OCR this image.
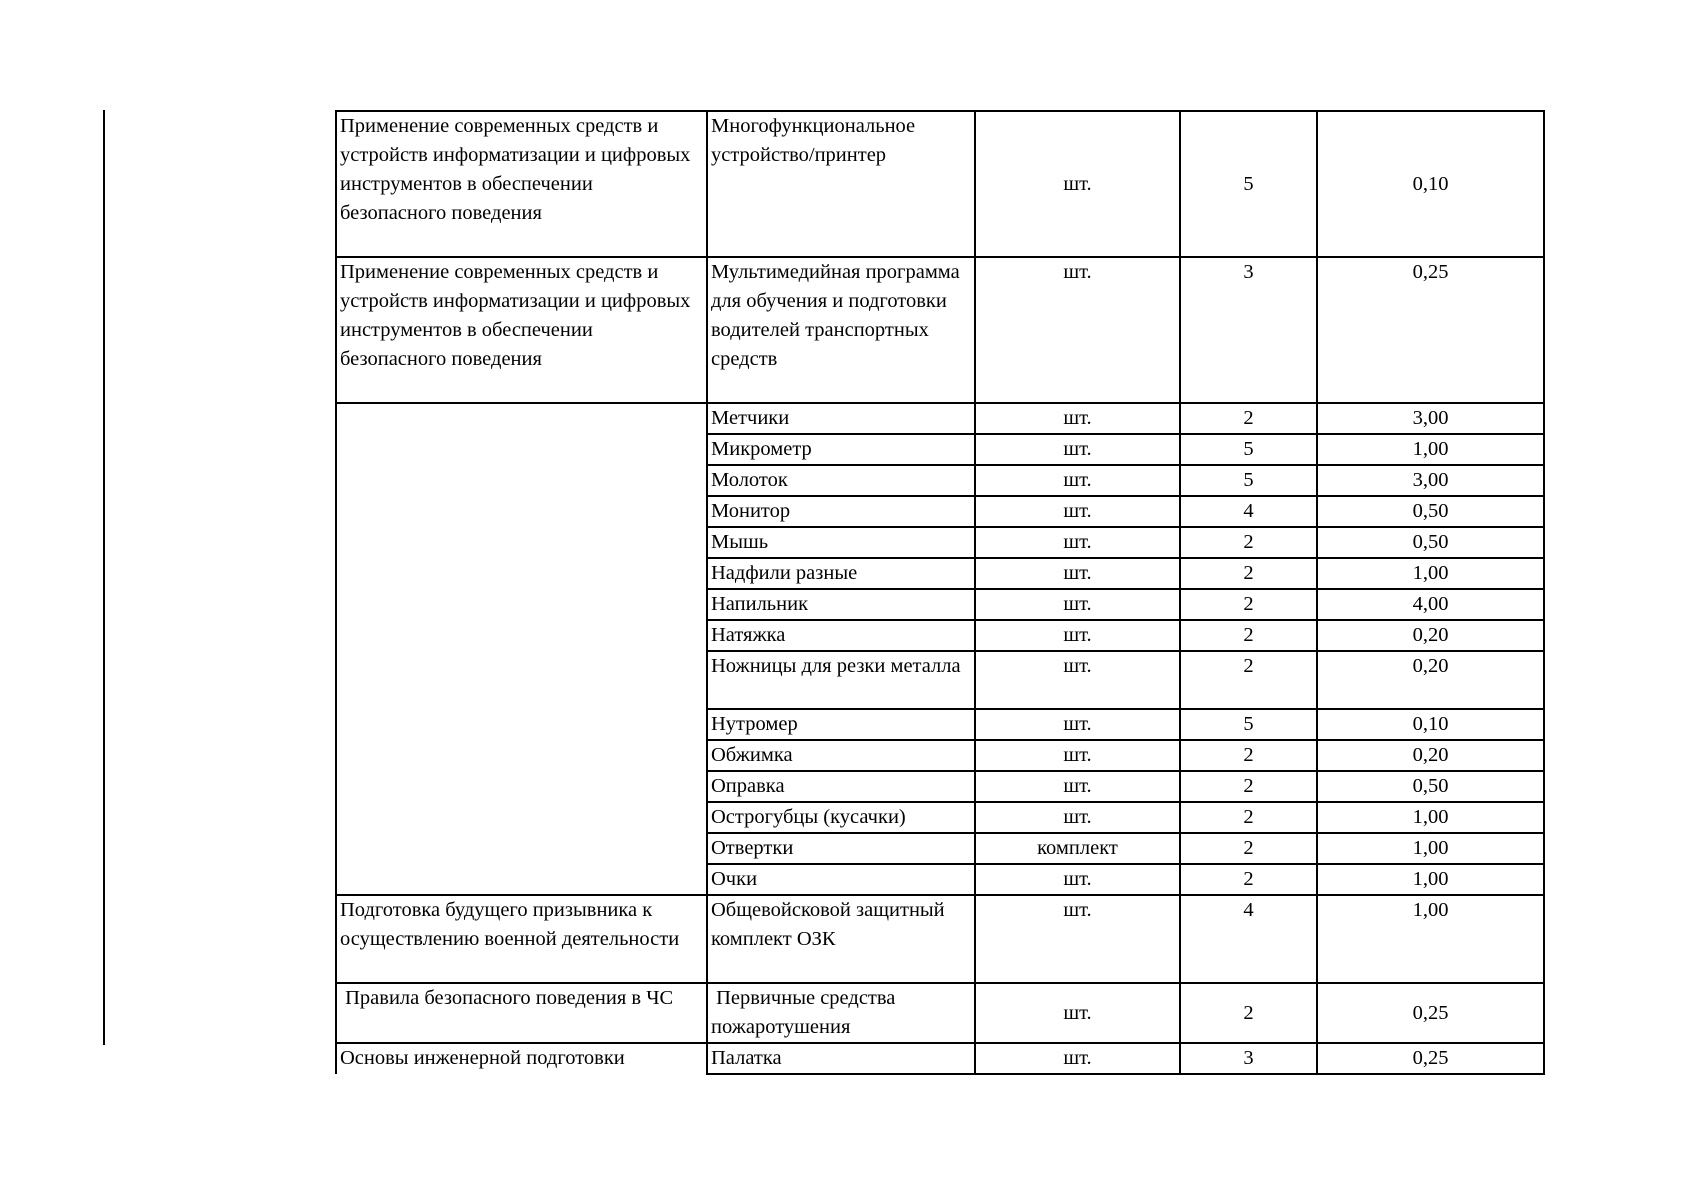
Применение современных средств и устройств информатизации и цифровых инструментов в обеспечении безопасного поведения	Многофункциональное устройство/принтер	шт.	5	0,10
Применение современных средств и устройств информатизации и цифровых инструментов в обеспечении безопасного поведения	Мультимедийная программа для обучения и подготовки водителей транспортных средств	шт.	3	0,25
	Метчики	шт.	2	3,00
	Микрометр	шт.	5	1,00
	Молоток	шт.	5	3,00
	Монитор	шт.	4	0,50
	Мышь	шт.	2	0,50
	Надфили разные	шт.	2	1,00
	Напильник	шт.	2	4,00
	Натяжка	шт.	2	0,20
	Ножницы для резки металла	шт.	2	0,20
	Нутромер	шт.	5	0,10
	Обжимка	шт.	2	0,20
	Оправка	шт.	2	0,50
	Острогубцы (кусачки)	шт.	2	1,00
	Отвертки	комплект	2	1,00
	Очки	шт.	2	1,00
Подготовка будущего призывника к осуществлению военной деятельности	Общевойсковой защитный комплект ОЗК	шт.	4	1,00
Правила безопасного поведения в ЧС	Первичные средства пожаротушения	шт.	2	0,25
Основы инженерной подготовки	Палатка	шт.	3	0,25
